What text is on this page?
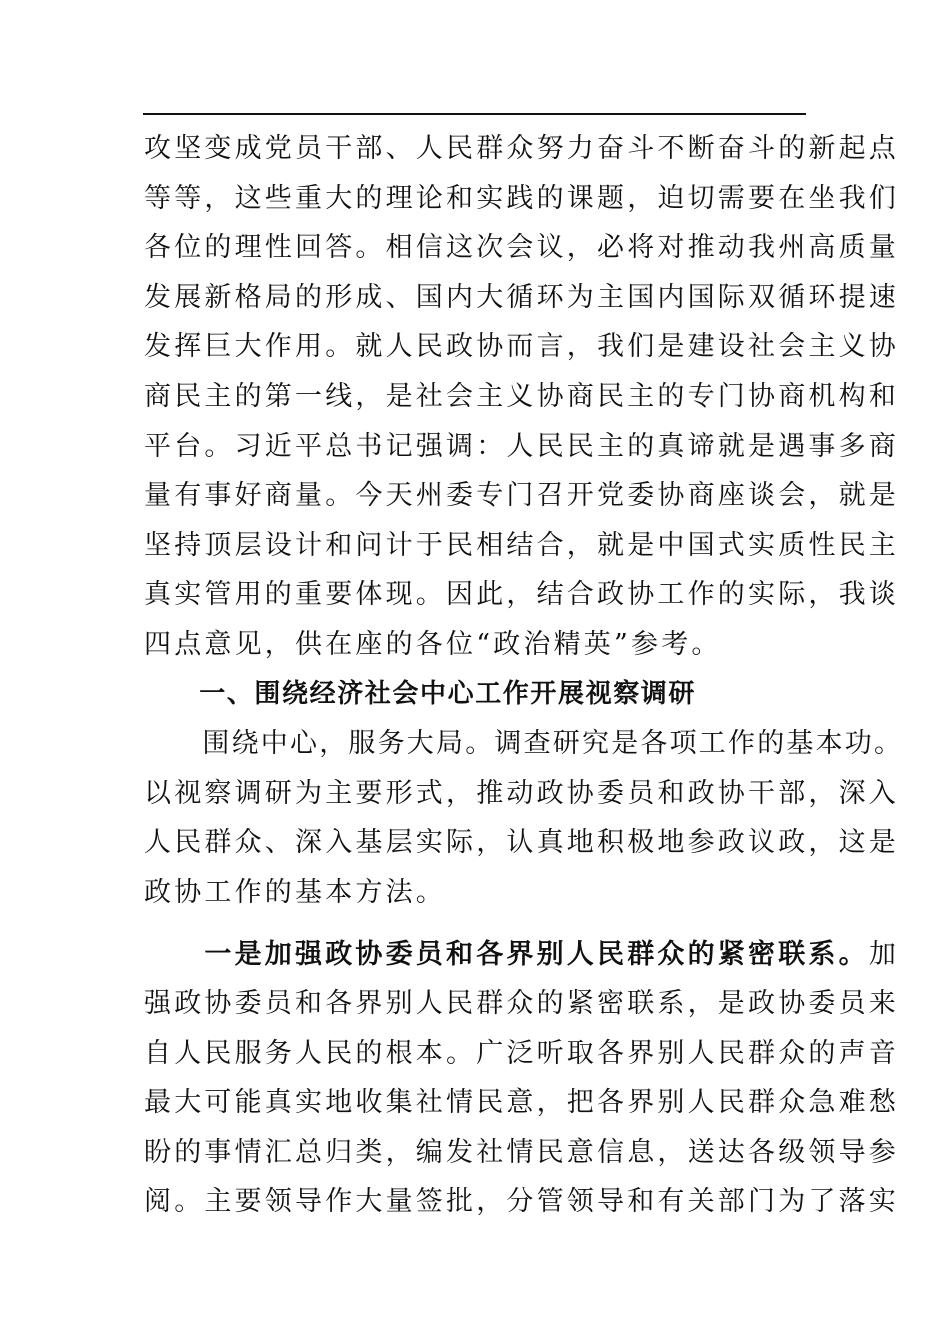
攻坚变成党员干部、人民群众努力奋斗不断奋斗的新起点
等等，这些重大的理论和实践的课题，迫切需要在坐我们
各位的理性回答。相信这次会议，必将对推动我州高质量
发展新格局的形成、国内大循环为主国内国际双循环提速
发挥巨大作用。就人民政协而言，我们是建设社会主义协
商民主的第一线，是社会主义协商民主的专门协商机构和
平台。习近平总书记强调：人民民主的真谛就是遇事多商
量有事好商量。今天州委专门召开党委协商座谈会，就是
坚持顶层设计和问计于民相结合，就是中国式实质性民主
真实管用的重要体现。因此，结合政协工作的实际，我谈
四点意见，供在座的各位“政治精英”参考。
　　一、围绕经济社会中心工作开展视察调研
　　围绕中心，服务大局。调查研究是各项工作的基本功。
以视察调研为主要形式，推动政协委员和政协干部，深入
人民群众、深入基层实际，认真地积极地参政议政，这是
政协工作的基本方法。
　　一是加强政协委员和各界别人民群众的紧密联系。加
强政协委员和各界别人民群众的紧密联系，是政协委员来
自人民服务人民的根本。广泛听取各界别人民群众的声音
最大可能真实地收集社情民意，把各界别人民群众急难愁
盼的事情汇总归类，编发社情民意信息，送达各级领导参
阅。主要领导作大量签批，分管领导和有关部门为了落实
